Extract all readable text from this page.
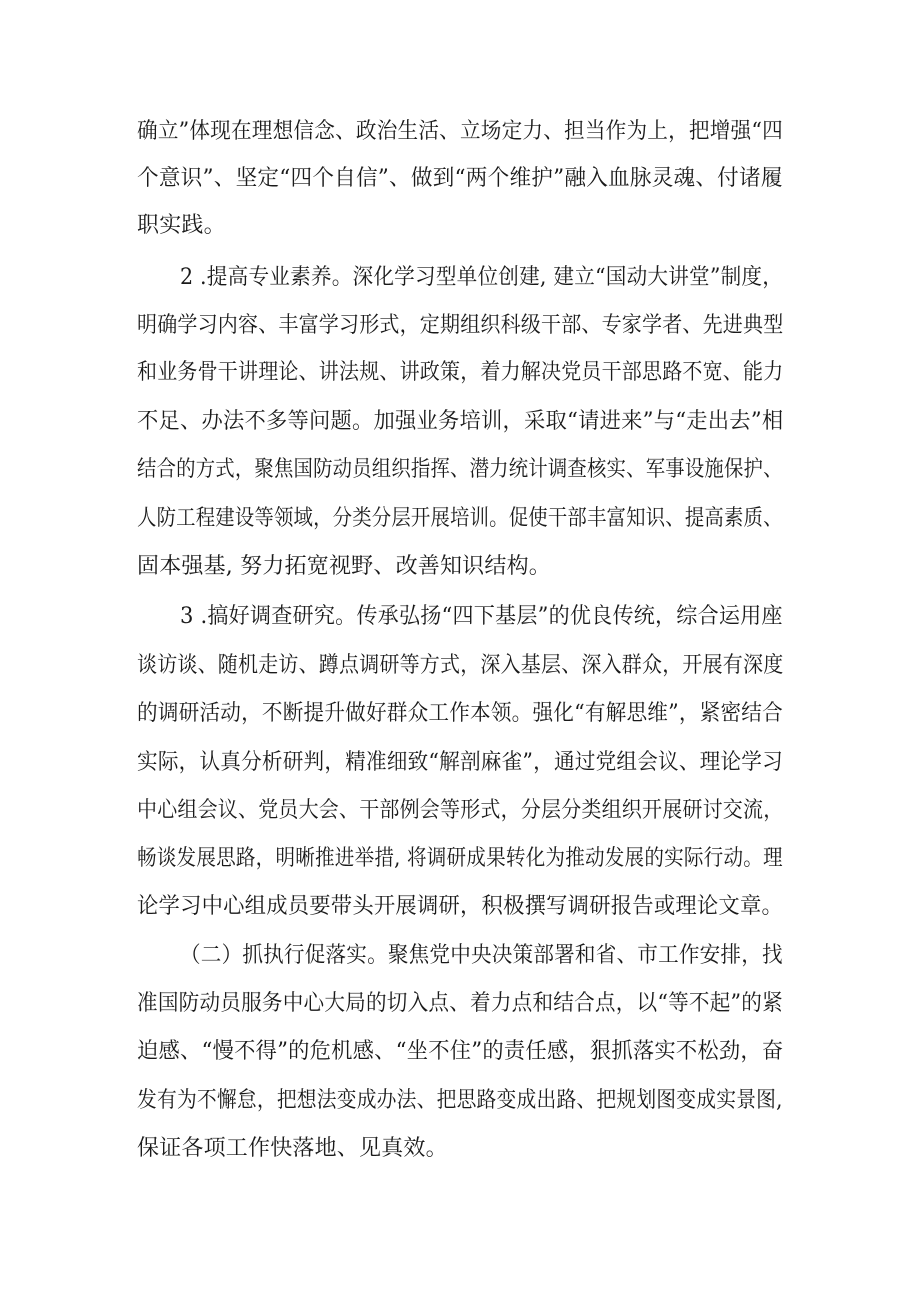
确立”体现在理想信念、政治生活、立场定力、担当作为上，把增强“四
个意识”、坚定“四个自信”、做到“两个维护”融入血脉灵魂、付诸履
职实践。
2 .提高专业素养。深化学习型单位创建, 建立“国动大讲堂”制度，
明确学习内容、丰富学习形式，定期组织科级干部、专家学者、先进典型
和业务骨干讲理论、讲法规、讲政策，着力解决党员干部思路不宽、能力
不足、办法不多等问题。加强业务培训，采取“请进来”与“走出去”相
结合的方式，聚焦国防动员组织指挥、潜力统计调查核实、军事设施保护、
人防工程建设等领域，分类分层开展培训。促使干部丰富知识、提高素质、
固本强基, 努力拓宽视野、改善知识结构。
3 .搞好调查研究。传承弘扬“四下基层”的优良传统，综合运用座
谈访谈、随机走访、蹲点调研等方式，深入基层、深入群众，开展有深度
的调研活动，不断提升做好群众工作本领。强化“有解思维”，紧密结合
实际，认真分析研判，精准细致“解剖麻雀”，通过党组会议、理论学习
中心组会议、党员大会、干部例会等形式，分层分类组织开展研讨交流，
畅谈发展思路，明晰推进举措, 将调研成果转化为推动发展的实际行动。理
论学习中心组成员要带头开展调研，积极撰写调研报告或理论文章。
（二）抓执行促落实。聚焦党中央决策部署和省、市工作安排，找
准国防动员服务中心大局的切入点、着力点和结合点，以“等不起”的紧
迫感、“慢不得”的危机感、“坐不住”的责任感，狠抓落实不松劲，奋
发有为不懈怠，把想法变成办法、把思路变成出路、把规划图变成实景图,
保证各项工作快落地、见真效。
